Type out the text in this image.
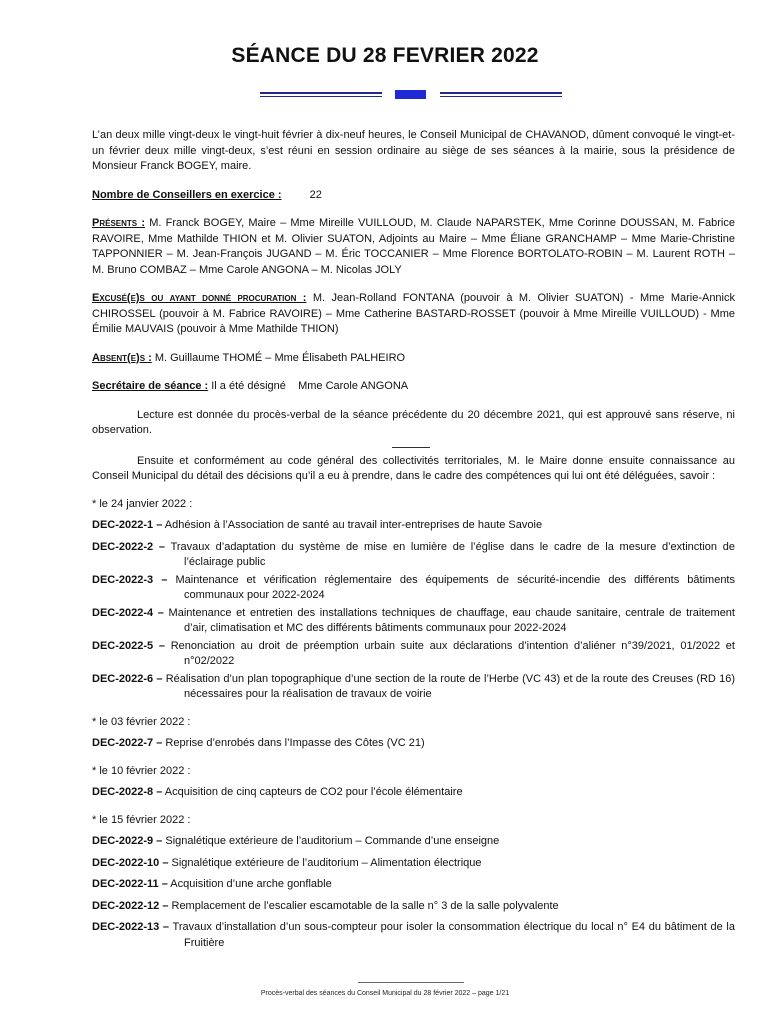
SÉANCE DU 28 FEVRIER 2022

L’an deux mille vingt-deux le vingt-huit février à dix-neuf heures, le Conseil Municipal de CHAVANOD, dûment convoqué le vingt-et-un février deux mille vingt-deux, s’est réuni en session ordinaire au siège de ses séances à la mairie, sous la présidence de Monsieur Franck BOGEY, maire.

Nombre de Conseillers en exercice :	22

Présents : M. Franck BOGEY, Maire – Mme Mireille VUILLOUD, M. Claude NAPARSTEK, Mme Corinne DOUSSAN, M. Fabrice RAVOIRE, Mme Mathilde THION et M. Olivier SUATON, Adjoints au Maire – Mme Éliane GRANCHAMP – Mme Marie-Christine TAPPONNIER – M. Jean-François JUGAND – M. Éric TOCCANIER – Mme Florence BORTOLATO-ROBIN – M. Laurent ROTH – M. Bruno COMBAZ – Mme Carole ANGONA – M. Nicolas JOLY

Excusé(e)s ou ayant donné procuration : M. Jean-Rolland FONTANA (pouvoir à M. Olivier SUATON) - Mme Marie-Annick CHIROSSEL (pouvoir à M. Fabrice RAVOIRE) – Mme Catherine BASTARD-ROSSET (pouvoir à Mme Mireille VUILLOUD) - Mme Émilie MAUVAIS (pouvoir à Mme Mathilde THION)

Absent(e)s : M. Guillaume THOMÉ – Mme Élisabeth PALHEIRO

Secrétaire de séance : Il a été désigné    Mme Carole ANGONA

Lecture est donnée du procès-verbal de la séance précédente du 20 décembre 2021, qui est approuvé sans réserve, ni observation.

Ensuite et conformément au code général des collectivités territoriales, M. le Maire donne ensuite connaissance au Conseil Municipal du détail des décisions qu’il a eu à prendre, dans le cadre des compétences qui lui ont été déléguées, savoir :

* le 24 janvier 2022 :

DEC-2022-1 – Adhésion à l’Association de santé au travail inter-entreprises de haute Savoie
DEC-2022-2 – Travaux d’adaptation du système de mise en lumière de l’église dans le cadre de la mesure d’extinction de l’éclairage public
DEC-2022-3 – Maintenance et vérification réglementaire des équipements de sécurité-incendie des différents bâtiments communaux pour 2022-2024
DEC-2022-4 – Maintenance et entretien des installations techniques de chauffage, eau chaude sanitaire, centrale de traitement d’air, climatisation et MC des différents bâtiments communaux pour 2022-2024
DEC-2022-5 – Renonciation au droit de préemption urbain suite aux déclarations d’intention d’aliéner n°39/2021, 01/2022 et n°02/2022
DEC-2022-6 – Réalisation d’un plan topographique d’une section de la route de l’Herbe (VC 43) et de la route des Creuses (RD 16) nécessaires pour la réalisation de travaux de voirie

* le 03 février 2022 :

DEC-2022-7 – Reprise d’enrobés dans l’Impasse des Côtes (VC 21)

* le 10 février 2022 :

DEC-2022-8 – Acquisition de cinq capteurs de CO2 pour l’école élémentaire

* le 15 février 2022 :

DEC-2022-9 – Signalétique extérieure de l’auditorium – Commande d’une enseigne
DEC-2022-10 – Signalétique extérieure de l’auditorium – Alimentation électrique
DEC-2022-11 – Acquisition d’une arche gonflable
DEC-2022-12 – Remplacement de l’escalier escamotable de la salle n° 3 de la salle polyvalente
DEC-2022-13 – Travaux d’installation d’un sous-compteur pour isoler la consommation électrique du local n° E4 du bâtiment de la Fruitière
Procès-verbal des séances du Conseil Municipal du 28 février 2022 – page 1/21
